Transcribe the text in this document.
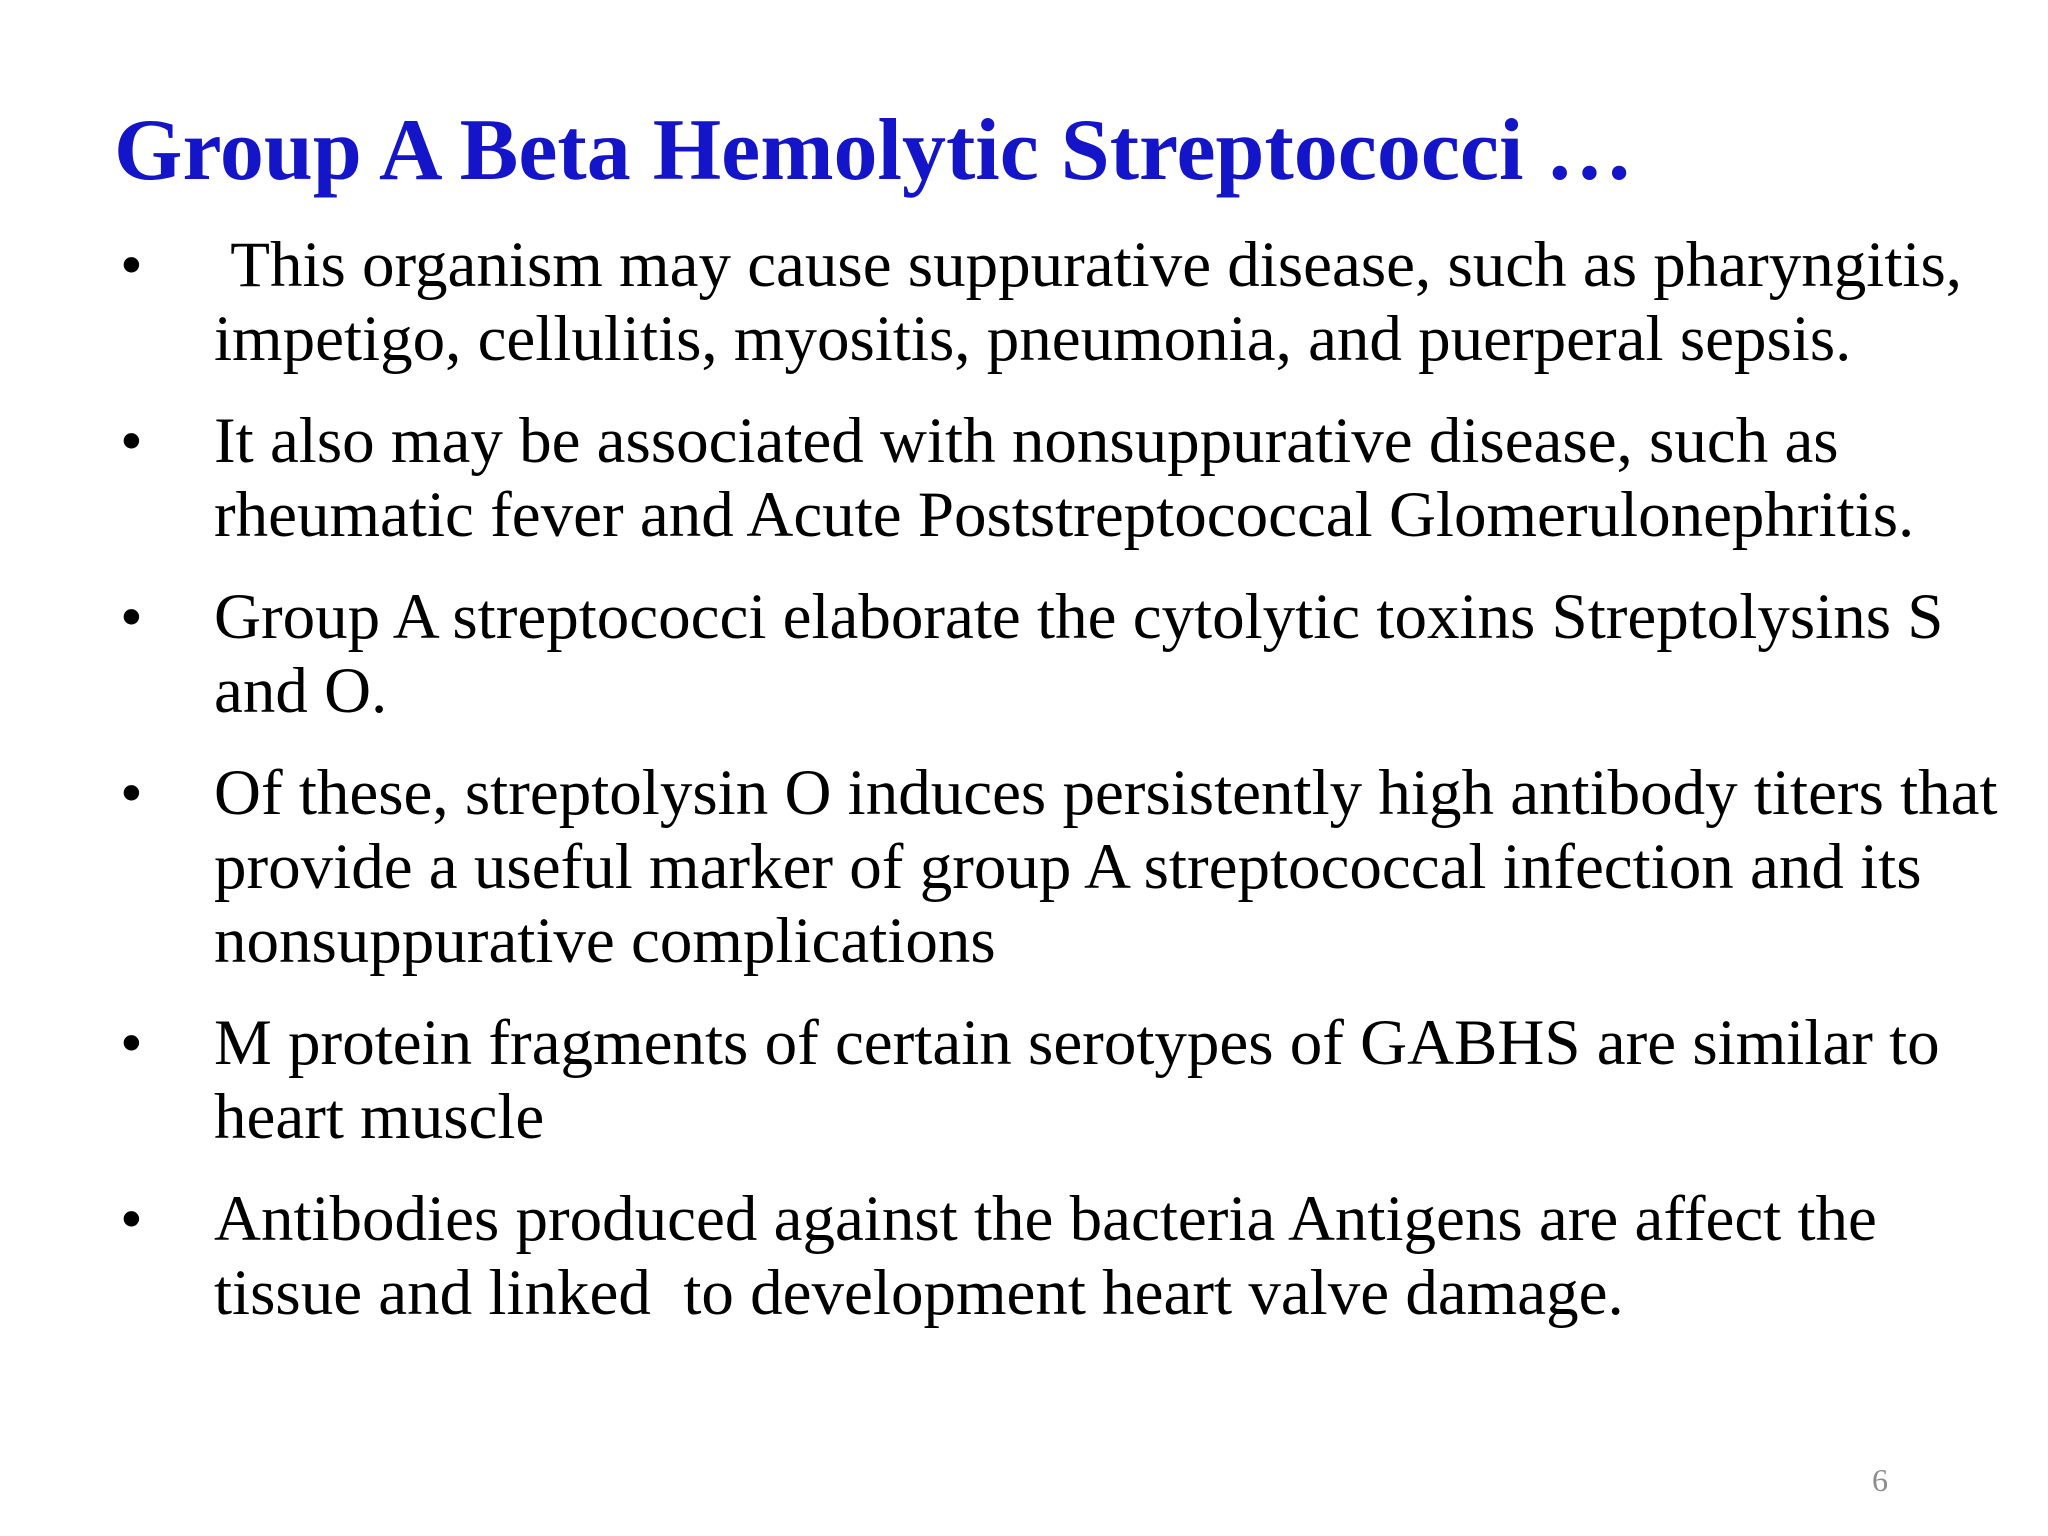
Group A Beta Hemolytic Streptococci …
•	This organism may cause suppurative disease, such as pharyngitis, impetigo, cellulitis, myositis, pneumonia, and puerperal sepsis.
•	It also may be associated with nonsuppurative disease, such as rheumatic fever and Acute Poststreptococcal Glomerulonephritis.
•	Group A streptococci elaborate the cytolytic toxins Streptolysins S and O.
•	Of these, streptolysin O induces persistently high antibody titers that provide a useful marker of group A streptococcal infection and its nonsuppurative complications
•	M protein fragments of certain serotypes of GABHS are similar to heart muscle
•	Antibodies produced against the bacteria Antigens are affect the tissue and linked  to development heart valve damage.
6
